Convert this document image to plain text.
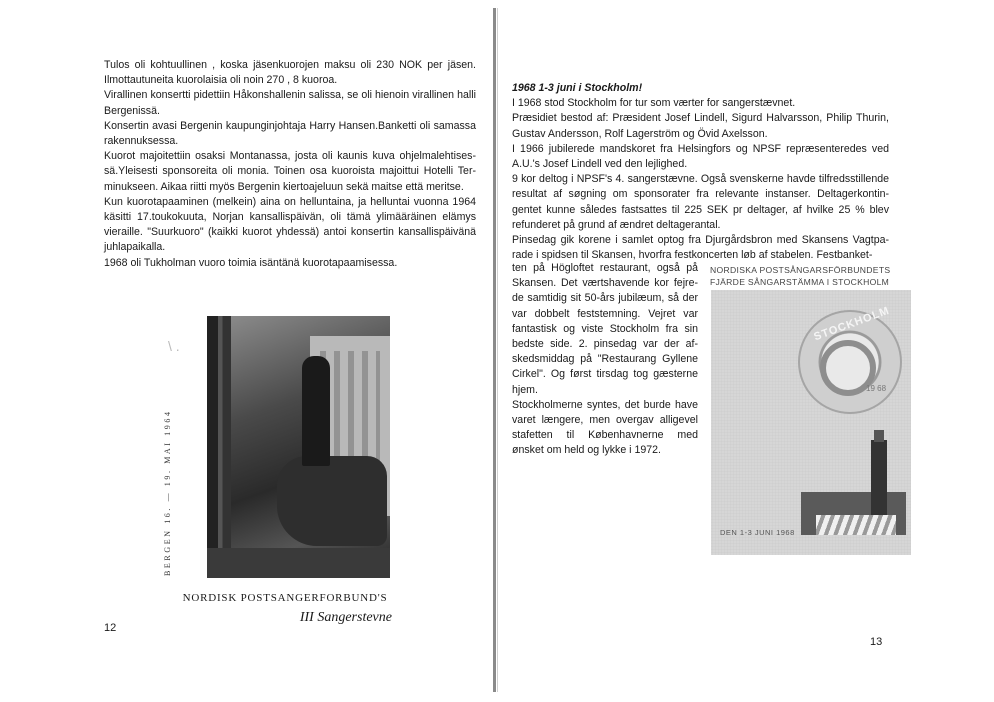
Tulos oli kohtuullinen , koska jäsenkuorojen maksu oli 230 NOK per jäsen. Ilmottautuneita kuorolaisia oli noin 270 , 8 kuoroa.

Virallinen konsertti pidettiin Håkonshallenin salissa, se oli hienoin virallinen halli Bergenissä.

Konsertin avasi Bergenin kaupunginjohtaja Harry Hansen.Banketti oli samassa rakennuksessa.

Kuorot majoitettiin osaksi Montanassa, josta oli kaunis kuva ohjelmalehtises-sä.Yleisesti sponsoreita oli monia. Toinen osa kuoroista majoittui Hotelli Ter-minukseen. Aikaa riitti myös Bergenin kiertoajeluun sekä maitse että meritse.

Kun kuorotapaaminen (melkein) aina on helluntaina, ja helluntai vuonna 1964 käsitti 17.toukokuuta, Norjan kansallispäivän, oli tämä ylimääräinen elämys vieraille. "Suurkuoro" (kaikki kuorot yhdessä) antoi konsertin kansallispäivänä juhlapaikalla.

1968 oli Tukholman vuoro toimia isäntänä kuorotapaamisessa.

\ .
BERGEN 16. — 19. MAI 1964
NORDISK POSTSANGERFORBUND'S
III Sangerstevne
12

1968 1-3 juni i Stockholm!

I 1968 stod Stockholm for tur som værter for sangerstævnet.

Præsidiet bestod af: Præsident Josef Lindell, Sigurd Halvarsson, Philip Thurin, Gustav Andersson, Rolf Lagerström og Övid Axelsson.

I 1966 jubilerede mandskoret fra Helsingfors og NPSF repræsenteredes ved A.U.'s Josef Lindell ved den lejlighed.

9 kor deltog i NPSF's 4. sangerstævne. Også svenskerne havde tilfredsstillende resultat af søgning om sponsorater fra relevante instanser. Deltagerkontin-gentet kunne således fastsattes til 225 SEK pr deltager, af hvilke 25 % blev refunderet på grund af ændret deltagerantal.

Pinsedag gik korene i samlet optog fra Djurgårdsbron med Skansens Vagtpa-rade i spidsen til Skansen, hvorfra festkoncerten løb af stabelen. Festbanket-

ten på Högloftet restaurant, også på Skansen. Det værtshavende kor fejre-de samtidig sit 50-års jubilæum, så der var dobbelt feststemning. Vejret var fantastisk og viste Stockholm fra sin bedste side. 2. pinsedag var der af-skedsmiddag på "Restaurang Gyllene Cirkel". Og først tirsdag tog gæsterne hjem.

Stockholmerne syntes, det burde have varet længere, men overgav alligevel stafetten til Københavnerne med ønsket om held og lykke i 1972.

NORDISKA POSTSÅNGARSFÖRBUNDETS
FJÄRDE SÅNGARSTÄMMA I STOCKHOLM
STOCKHOLM
19 68
DEN 1-3 JUNI 1968
13
